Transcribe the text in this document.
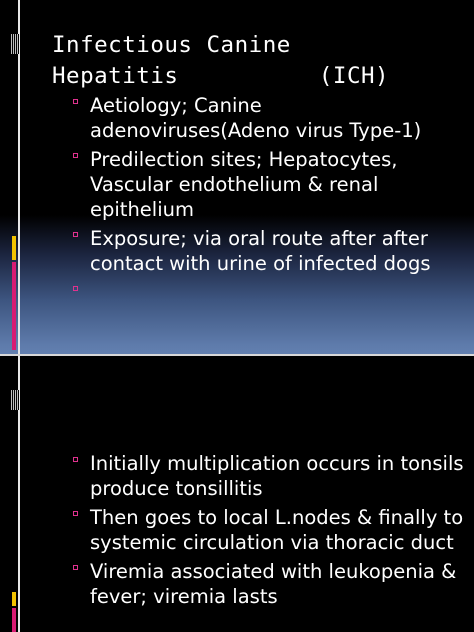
Infectious Canine
Hepatitis          (ICH)
Aetiology; Canine adenoviruses(Adeno virus Type-1)
Predilection sites; Hepatocytes, Vascular endothelium & renal epithelium
Exposure; via oral route after after contact with urine of infected dogs
Initially multiplication occurs in tonsils produce tonsillitis
Then goes to local L.nodes & finally to systemic circulation via thoracic duct
Viremia associated with leukopenia & fever; viremia lasts
